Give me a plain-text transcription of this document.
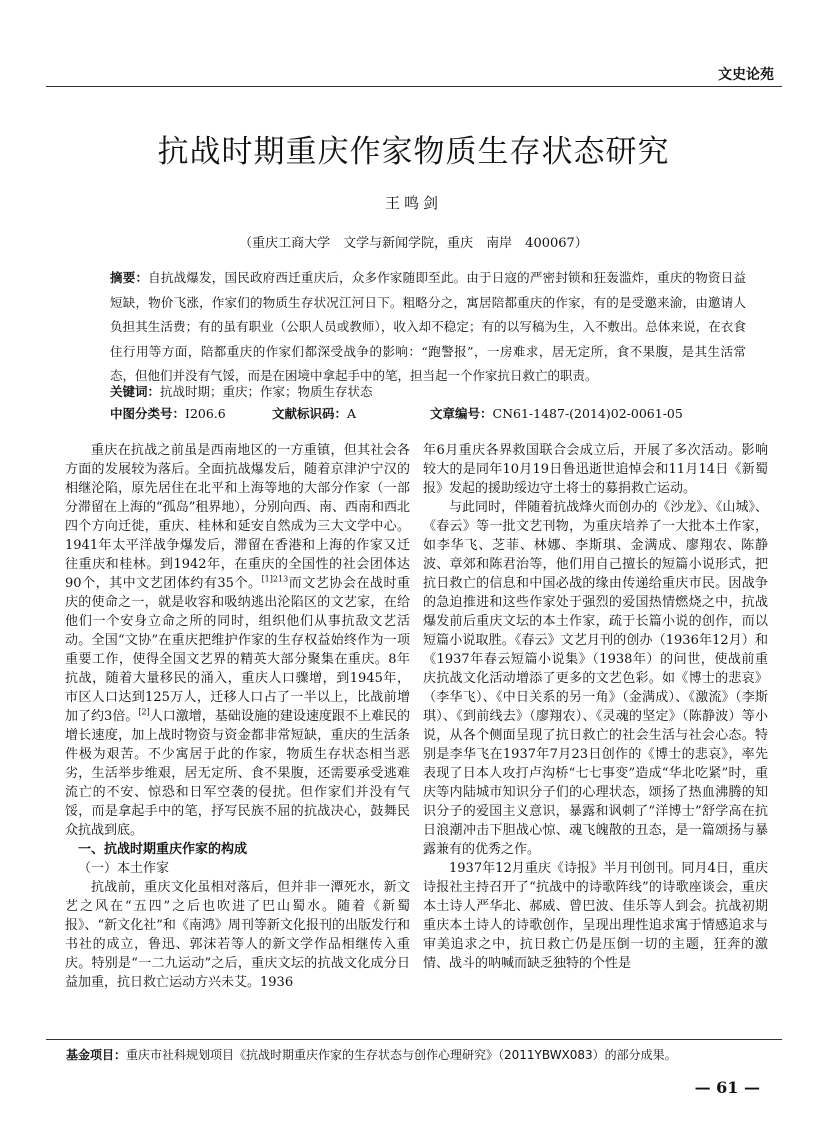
文史论苑
抗战时期重庆作家物质生存状态研究
王鸣剑
（重庆工商大学　文学与新闻学院，重庆　南岸　400067）
摘要：自抗战爆发，国民政府西迁重庆后，众多作家随即至此。由于日寇的严密封锁和狂轰滥炸，重庆的物资日益短缺，物价飞涨，作家们的物质生存状况江河日下。粗略分之，寓居陪都重庆的作家，有的是受邀来渝，由邀请人负担其生活费；有的虽有职业（公职人员或教师），收入却不稳定；有的以写稿为生，入不敷出。总体来说，在衣食住行用等方面，陪都重庆的作家们都深受战争的影响：“跑警报”，一房难求，居无定所，食不果腹，是其生活常态，但他们并没有气馁，而是在困境中拿起手中的笔，担当起一个作家抗日救亡的职责。
关键词：抗战时期；重庆；作家；物质生存状态
中图分类号：I206.6	文献标识码：A	文章编号：CN61-1487-(2014)02-0061-05

重庆在抗战之前虽是西南地区的一方重镇，但其社会各方面的发展较为落后。全面抗战爆发后，随着京津沪宁汉的相继沦陷，原先居住在北平和上海等地的大部分作家（一部分滞留在上海的“孤岛”租界地），分别向西、南、西南和西北四个方向迁徙，重庆、桂林和延安自然成为三大文学中心。1941年太平洋战争爆发后，滞留在香港和上海的作家又迁往重庆和桂林。到1942年，在重庆的全国性的社会团体达90个，其中文艺团体约有35个。$^{[1]213}$而文艺协会在战时重庆的使命之一，就是收容和吸纳逃出沦陷区的文艺家，在给他们一个安身立命之所的同时，组织他们从事抗敌文艺活动。全国“文协”在重庆把维护作家的生存权益始终作为一项重要工作，使得全国文艺界的精英大部分聚集在重庆。8年抗战，随着大量移民的涌入，重庆人口骤增，到1945年，市区人口达到125万人，迁移人口占了一半以上，比战前增加了约3倍。[2]人口激增，基础设施的建设速度跟不上难民的增长速度，加上战时物资与资金都非常短缺，重庆的生活条件极为艰苦。不少寓居于此的作家，物质生存状态相当恶劣，生活举步维艰，居无定所、食不果腹，还需要承受逃难流亡的不安、惊恐和日军空袭的侵扰。但作家们并没有气馁，而是拿起手中的笔，抒写民族不屈的抗战决心，鼓舞民众抗战到底。

一、抗战时期重庆作家的构成

（一）本土作家

抗战前，重庆文化虽相对落后，但并非一潭死水，新文艺之风在“五四”之后也吹进了巴山蜀水。随着《新蜀报》、“新文化社”和《南鸿》周刊等新文化报刊的出版发行和书社的成立，鲁迅、郭沫若等人的新文学作品相继传入重庆。特别是“一二九运动”之后，重庆文坛的抗战文化成分日益加重，抗日救亡运动方兴未艾。1936

年6月重庆各界救国联合会成立后，开展了多次活动。影响较大的是同年10月19日鲁迅逝世追悼会和11月14日《新蜀报》发起的援助绥边守土将士的募捐救亡运动。

与此同时，伴随着抗战烽火而创办的《沙龙》、《山城》、《春云》等一批文艺刊物，为重庆培养了一大批本土作家，如李华飞、芝菲、林娜、李斯琪、金满成、廖翔农、陈静波、章郊和陈君治等，他们用自己擅长的短篇小说形式，把抗日救亡的信息和中国必战的缘由传递给重庆市民。因战争的急迫推进和这些作家处于强烈的爱国热情燃烧之中，抗战爆发前后重庆文坛的本土作家，疏于长篇小说的创作，而以短篇小说取胜。《春云》文艺月刊的创办（1936年12月）和《1937年春云短篇小说集》（1938年）的问世，使战前重庆抗战文化活动增添了更多的文艺色彩。如《博士的悲哀》（李华飞）、《中日关系的另一角》（金满成）、《激流》（李斯琪）、《到前线去》（廖翔农）、《灵魂的坚定》（陈静波）等小说，从各个侧面呈现了抗日救亡的社会生活与社会心态。特别是李华飞在1937年7月23日创作的《博士的悲哀》，率先表现了日本人攻打卢沟桥“七七事变”造成“华北吃紧”时，重庆等内陆城市知识分子们的心理状态，颂扬了热血沸腾的知识分子的爱国主义意识，暴露和讽刺了“洋博士”舒学高在抗日浪潮冲击下胆战心惊、魂飞魄散的丑态，是一篇颂扬与暴露兼有的优秀之作。

1937年12月重庆《诗报》半月刊创刊。同月4日，重庆诗报社主持召开了“抗战中的诗歌阵线”的诗歌座谈会，重庆本土诗人严华北、郝威、曾巴波、佳乐等人到会。抗战初期重庆本土诗人的诗歌创作，呈现出理性追求寓于情感追求与审美追求之中，抗日救亡仍是压倒一切的主题，狂奔的激情、战斗的呐喊而缺乏独特的个性是

基金项目：重庆市社科规划项目《抗战时期重庆作家的生存状态与创作心理研究》（2011YBWX083）的部分成果。
— 61 —
